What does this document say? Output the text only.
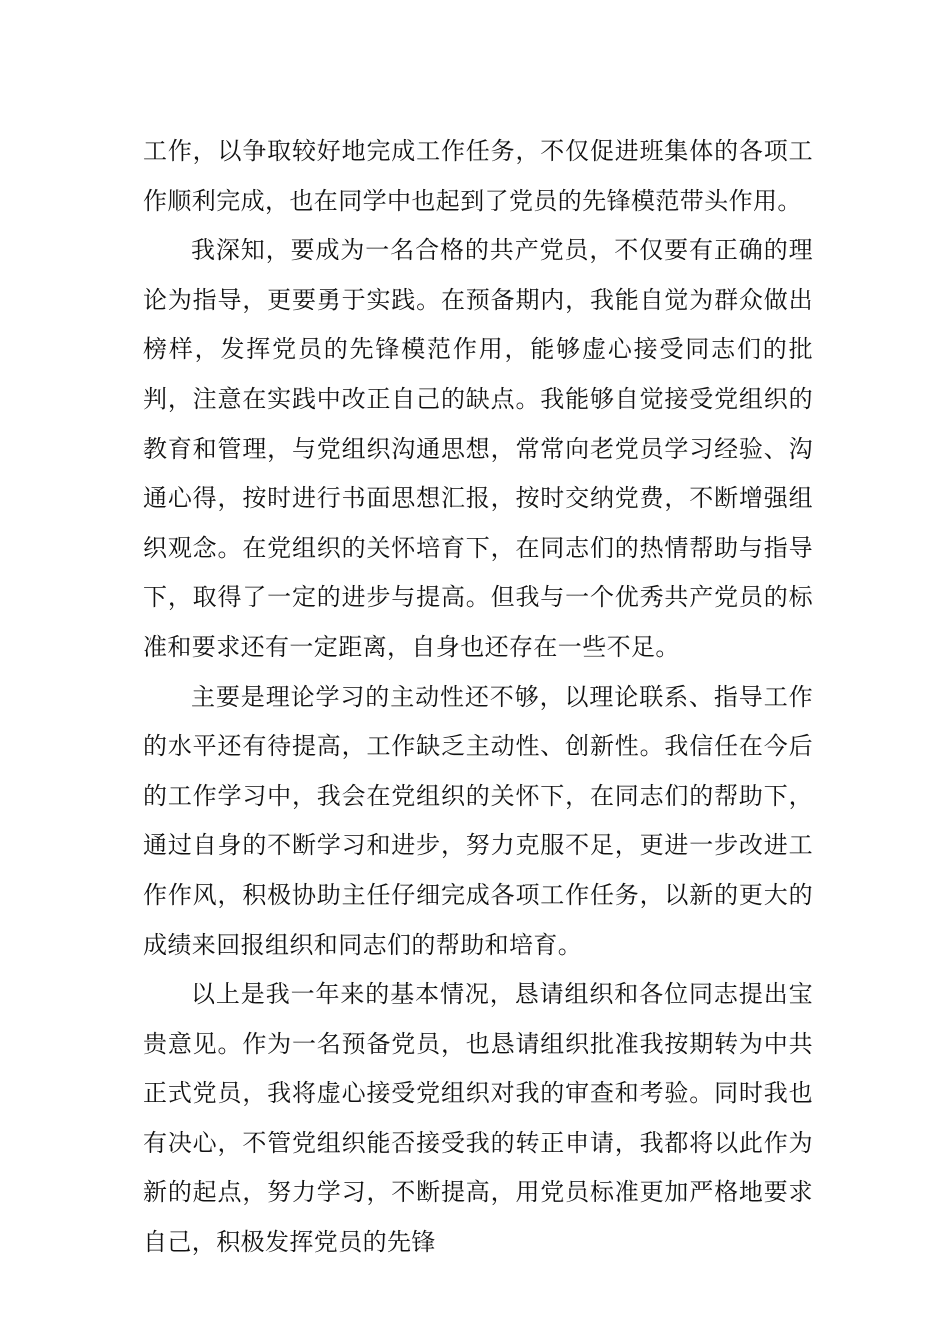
工作，以争取较好地完成工作任务，不仅促进班集体的各项工作顺利完成，也在同学中也起到了党员的先锋模范带头作用。

我深知，要成为一名合格的共产党员，不仅要有正确的理论为指导，更要勇于实践。在预备期内，我能自觉为群众做出榜样，发挥党员的先锋模范作用，能够虚心接受同志们的批判，注意在实践中改正自己的缺点。我能够自觉接受党组织的教育和管理，与党组织沟通思想，常常向老党员学习经验、沟通心得，按时进行书面思想汇报，按时交纳党费，不断增强组织观念。在党组织的关怀培育下，在同志们的热情帮助与指导下，取得了一定的进步与提高。但我与一个优秀共产党员的标准和要求还有一定距离，自身也还存在一些不足。

主要是理论学习的主动性还不够，以理论联系、指导工作的水平还有待提高，工作缺乏主动性、创新性。我信任在今后的工作学习中，我会在党组织的关怀下，在同志们的帮助下，通过自身的不断学习和进步，努力克服不足，更进一步改进工作作风，积极协助主任仔细完成各项工作任务，以新的更大的成绩来回报组织和同志们的帮助和培育。

以上是我一年来的基本情况，恳请组织和各位同志提出宝贵意见。作为一名预备党员，也恳请组织批准我按期转为中共正式党员，我将虚心接受党组织对我的审查和考验。同时我也有决心，不管党组织能否接受我的转正申请，我都将以此作为新的起点，努力学习，不断提高，用党员标准更加严格地要求自己，积极发挥党员的先锋
